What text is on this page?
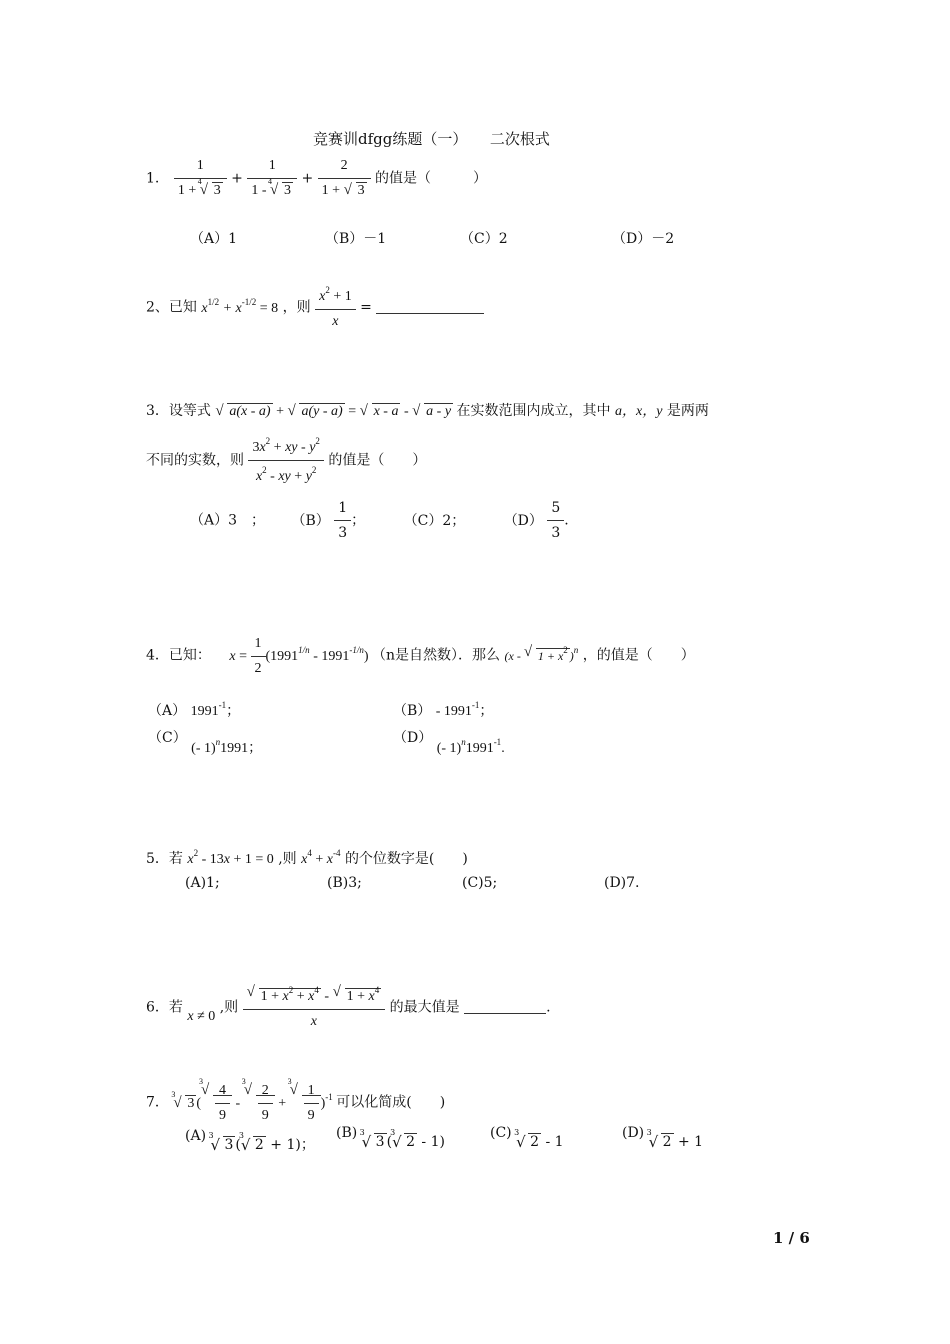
竞赛训dfgg练题（一）　　二次根式
1. 1
1 +
√ 4
3 + 1
1 -
√ 4
$3 + \frac{2}{1 + √ 3}$ 的值是（　　　）
（A）1	（B）－1	（C）2	（D）－2
2、已知 $x^{1/2} + x^{-1/2} = 8$ ，则 $\frac{x^2 + 1}{x}$ =
3．设等式 √ a(x - a) + √ a(y - a) = √ x - a - √ a - y 在实数范围内成立，其中 a，x，y 是两两
不同的实数，则 $\frac{3x^2 + xy - y^2}{x^2 - xy + y^2}$ 的值是（　　）
（A）3　； $(B) \frac{1}{3}$ ；	（C）2；	$(D) \frac{5}{3}$ .
4．已知： $x = \frac{1}{2} (1991^{1/n} - 1991^{-1/n})$ （n是自然数）．那么 (x - √ $1 + x^2$ )$^n$ ，的值是（　　）
（A） $1991^{-1}$；	$(B) - 1991^{-1}$；
（C） (- 1)$^n$1991；
（D） (- $1)^n1991^{-1}$.
5．若 $x^2 - 13x + 1 = 0$ ,则 $x^4 + x^{-4}$ 的个位数字是(　　)
(A)1;	(B)3;	(C)5;	(D)7.
6．若 x ≠ 0 ,则 √ $\frac{1 + x^2 + x^4 - √ 1 + x^4}{x}$ 的最大值是	.
7．
√ 3
3 (
√ 3
$\frac{4}{9}$ -
√ 3
$\frac{2}{9}$ +
√ 3
$\frac{1}{9} )^{-1}$ 可以化简成(　　)
(A) √ 3
3 (
√ 3
2 + 1)；
(B) √ 3
3 (
√ 3
2 - 1)
(C) √ 3
2 - 1
(D) √ 3
2 + 1
1 / 6
